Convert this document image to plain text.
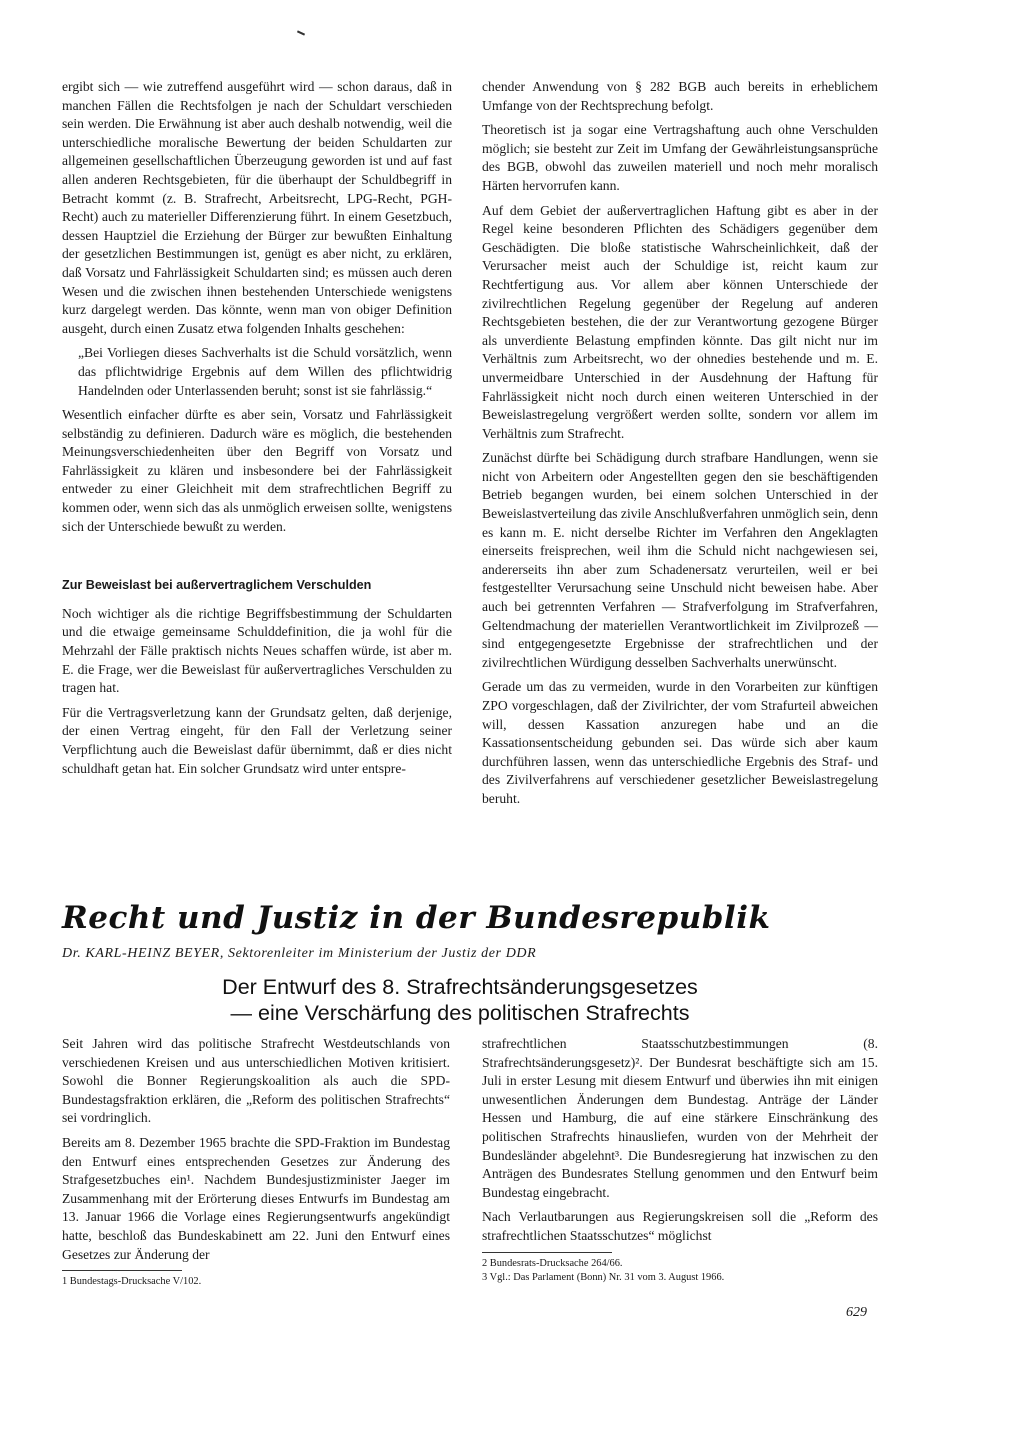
ergibt sich — wie zutreffend ausgeführt wird — schon daraus, daß in manchen Fällen die Rechtsfolgen je nach der Schuldart verschieden sein werden. Die Erwähnung ist aber auch deshalb notwendig, weil die unterschiedliche moralische Bewertung der beiden Schuldarten zur allgemeinen gesellschaftlichen Überzeugung geworden ist und auf fast allen anderen Rechtsgebieten, für die überhaupt der Schuldbegriff in Betracht kommt (z. B. Strafrecht, Arbeitsrecht, LPG-Recht, PGH-Recht) auch zu materieller Differenzierung führt. In einem Gesetzbuch, dessen Hauptziel die Erziehung der Bürger zur bewußten Einhaltung der gesetzlichen Bestimmungen ist, genügt es aber nicht, zu erklären, daß Vorsatz und Fahrlässigkeit Schuldarten sind; es müssen auch deren Wesen und die zwischen ihnen bestehenden Unterschiede wenigstens kurz dargelegt werden. Das könnte, wenn man von obiger Definition ausgeht, durch einen Zusatz etwa folgenden Inhalts geschehen:

„Bei Vorliegen dieses Sachverhalts ist die Schuld vorsätzlich, wenn das pflichtwidrige Ergebnis auf dem Willen des pflichtwidrig Handelnden oder Unterlassenden beruht; sonst ist sie fahrlässig.“

Wesentlich einfacher dürfte es aber sein, Vorsatz und Fahrlässigkeit selbständig zu definieren. Dadurch wäre es möglich, die bestehenden Meinungsverschiedenheiten über den Begriff von Vorsatz und Fahrlässigkeit zu klären und insbesondere bei der Fahrlässigkeit entweder zu einer Gleichheit mit dem strafrechtlichen Begriff zu kommen oder, wenn sich das als unmöglich erweisen sollte, wenigstens sich der Unterschiede bewußt zu werden.

Zur Beweislast bei außervertraglichem Verschulden

Noch wichtiger als die richtige Begriffsbestimmung der Schuldarten und die etwaige gemeinsame Schulddefinition, die ja wohl für die Mehrzahl der Fälle praktisch nichts Neues schaffen würde, ist aber m. E. die Frage, wer die Beweislast für außervertragliches Verschulden zu tragen hat.

Für die Vertragsverletzung kann der Grundsatz gelten, daß derjenige, der einen Vertrag eingeht, für den Fall der Verletzung seiner Verpflichtung auch die Beweislast dafür übernimmt, daß er dies nicht schuldhaft getan hat. Ein solcher Grundsatz wird unter entspre-

chender Anwendung von § 282 BGB auch bereits in erheblichem Umfange von der Rechtsprechung befolgt.

Theoretisch ist ja sogar eine Vertragshaftung auch ohne Verschulden möglich; sie besteht zur Zeit im Umfang der Gewährleistungsansprüche des BGB, obwohl das zuweilen materiell und noch mehr moralisch Härten hervorrufen kann.

Auf dem Gebiet der außervertraglichen Haftung gibt es aber in der Regel keine besonderen Pflichten des Schädigers gegenüber dem Geschädigten. Die bloße statistische Wahrscheinlichkeit, daß der Verursacher meist auch der Schuldige ist, reicht kaum zur Rechtfertigung aus. Vor allem aber können Unterschiede der zivilrechtlichen Regelung gegenüber der Regelung auf anderen Rechtsgebieten bestehen, die der zur Verantwortung gezogene Bürger als unverdiente Belastung empfinden könnte. Das gilt nicht nur im Verhältnis zum Arbeitsrecht, wo der ohnedies bestehende und m. E. unvermeidbare Unterschied in der Ausdehnung der Haftung für Fahrlässigkeit nicht noch durch einen weiteren Unterschied in der Beweislastregelung vergrößert werden sollte, sondern vor allem im Verhältnis zum Strafrecht.

Zunächst dürfte bei Schädigung durch strafbare Handlungen, wenn sie nicht von Arbeitern oder Angestellten gegen den sie beschäftigenden Betrieb begangen wurden, bei einem solchen Unterschied in der Beweislastverteilung das zivile Anschlußverfahren unmöglich sein, denn es kann m. E. nicht derselbe Richter im Verfahren den Angeklagten einerseits freisprechen, weil ihm die Schuld nicht nachgewiesen sei, andererseits ihn aber zum Schadenersatz verurteilen, weil er bei festgestellter Verursachung seine Unschuld nicht beweisen habe. Aber auch bei getrennten Verfahren — Strafverfolgung im Strafverfahren, Geltendmachung der materiellen Verantwortlichkeit im Zivilprozeß — sind entgegengesetzte Ergebnisse der strafrechtlichen und der zivilrechtlichen Würdigung desselben Sachverhalts unerwünscht.

Gerade um das zu vermeiden, wurde in den Vorarbeiten zur künftigen ZPO vorgeschlagen, daß der Zivilrichter, der vom Strafurteil abweichen will, dessen Kassation anzuregen habe und an die Kassationsentscheidung gebunden sei. Das würde sich aber kaum durchführen lassen, wenn das unterschiedliche Ergebnis des Straf- und des Zivilverfahrens auf verschiedener gesetzlicher Beweislastregelung beruht.

Recht und Justiz in der Bundesrepublik
Dr. KARL-HEINZ BEYER, Sektorenleiter im Ministerium der Justiz der DDR
Der Entwurf des 8. Strafrechtsänderungsgesetzes
— eine Verschärfung des politischen Strafrechts

Seit Jahren wird das politische Strafrecht Westdeutschlands von verschiedenen Kreisen und aus unterschiedlichen Motiven kritisiert. Sowohl die Bonner Regierungskoalition als auch die SPD-Bundestagsfraktion erklären, die „Reform des politischen Strafrechts“ sei vordringlich.

Bereits am 8. Dezember 1965 brachte die SPD-Fraktion im Bundestag den Entwurf eines entsprechenden Gesetzes zur Änderung des Strafgesetzbuches ein¹. Nachdem Bundesjustizminister Jaeger im Zusammenhang mit der Erörterung dieses Entwurfs im Bundestag am 13. Januar 1966 die Vorlage eines Regierungsentwurfs angekündigt hatte, beschloß das Bundeskabinett am 22. Juni den Entwurf eines Gesetzes zur Änderung der

1 Bundestags-Drucksache V/102.

strafrechtlichen Staatsschutzbestimmungen (8. Strafrechtsänderungsgesetz)². Der Bundesrat beschäftigte sich am 15. Juli in erster Lesung mit diesem Entwurf und überwies ihn mit einigen unwesentlichen Änderungen dem Bundestag. Anträge der Länder Hessen und Hamburg, die auf eine stärkere Einschränkung des politischen Strafrechts hinausliefen, wurden von der Mehrheit der Bundesländer abgelehnt³. Die Bundesregierung hat inzwischen zu den Anträgen des Bundesrates Stellung genommen und den Entwurf beim Bundestag eingebracht.

Nach Verlautbarungen aus Regierungskreisen soll die „Reform des strafrechtlichen Staatsschutzes“ möglichst

2 Bundesrats-Drucksache 264/66.
3 Vgl.: Das Parlament (Bonn) Nr. 31 vom 3. August 1966.
629
